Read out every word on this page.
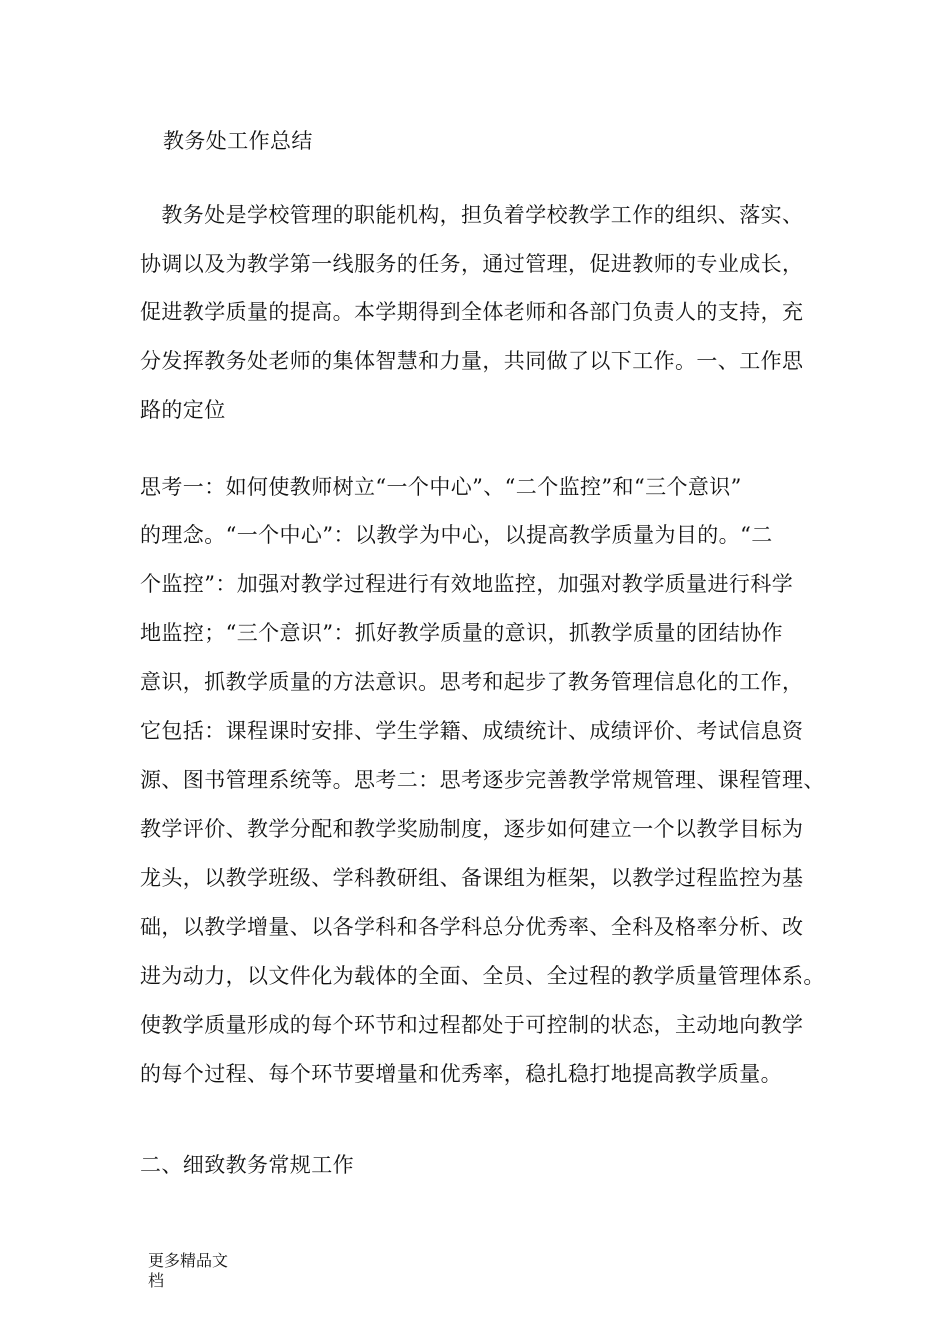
教务处工作总结
　教务处是学校管理的职能机构，担负着学校教学工作的组织、落实、
协调以及为教学第一线服务的任务，通过管理，促进教师的专业成长，
促进教学质量的提高。本学期得到全体老师和各部门负责人的支持，充
分发挥教务处老师的集体智慧和力量，共同做了以下工作。一、工作思
路的定位
思考一：如何使教师树立“一个中心”、“二个监控”和“三个意识”
的理念。“一个中心”：以教学为中心，以提高教学质量为目的。“二
个监控”：加强对教学过程进行有效地监控，加强对教学质量进行科学
地监控；“三个意识”：抓好教学质量的意识，抓教学质量的团结协作
意识，抓教学质量的方法意识。思考和起步了教务管理信息化的工作，
它包括：课程课时安排、学生学籍、成绩统计、成绩评价、考试信息资
源、图书管理系统等。思考二：思考逐步完善教学常规管理、课程管理、
教学评价、教学分配和教学奖励制度，逐步如何建立一个以教学目标为
龙头，以教学班级、学科教研组、备课组为框架，以教学过程监控为基
础，以教学增量、以各学科和各学科总分优秀率、全科及格率分析、改
进为动力，以文件化为载体的全面、全员、全过程的教学质量管理体系。
使教学质量形成的每个环节和过程都处于可控制的状态，主动地向教学
的每个过程、每个环节要增量和优秀率，稳扎稳打地提高教学质量。
二、细致教务常规工作
更多精品文
档
